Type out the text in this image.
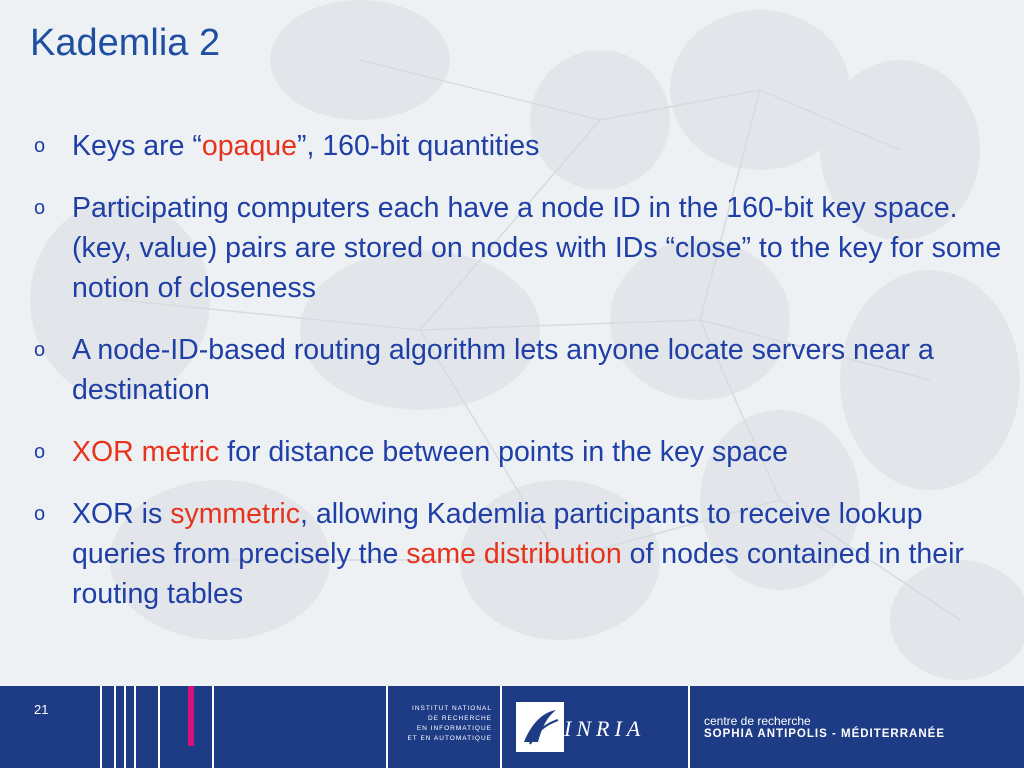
Kademlia 2
o Keys are “opaque”, 160-bit quantities
o Participating computers each have a node ID in the 160-bit key space. (key, value) pairs are stored on nodes with IDs “close” to the key for some notion of closeness
o A node-ID-based routing algorithm lets anyone locate servers near a destination
o XOR metric for distance between points in the key space
o XOR is symmetric, allowing Kademlia participants to receive lookup queries from precisely the same distribution of nodes contained in their routing tables
21	INSTITUT NATIONAL
DE RECHERCHE
EN INFORMATIQUE
ET EN AUTOMATIQUE	INRIA	centre de recherche
SOPHIA ANTIPOLIS - MÉDITERRANÉE
